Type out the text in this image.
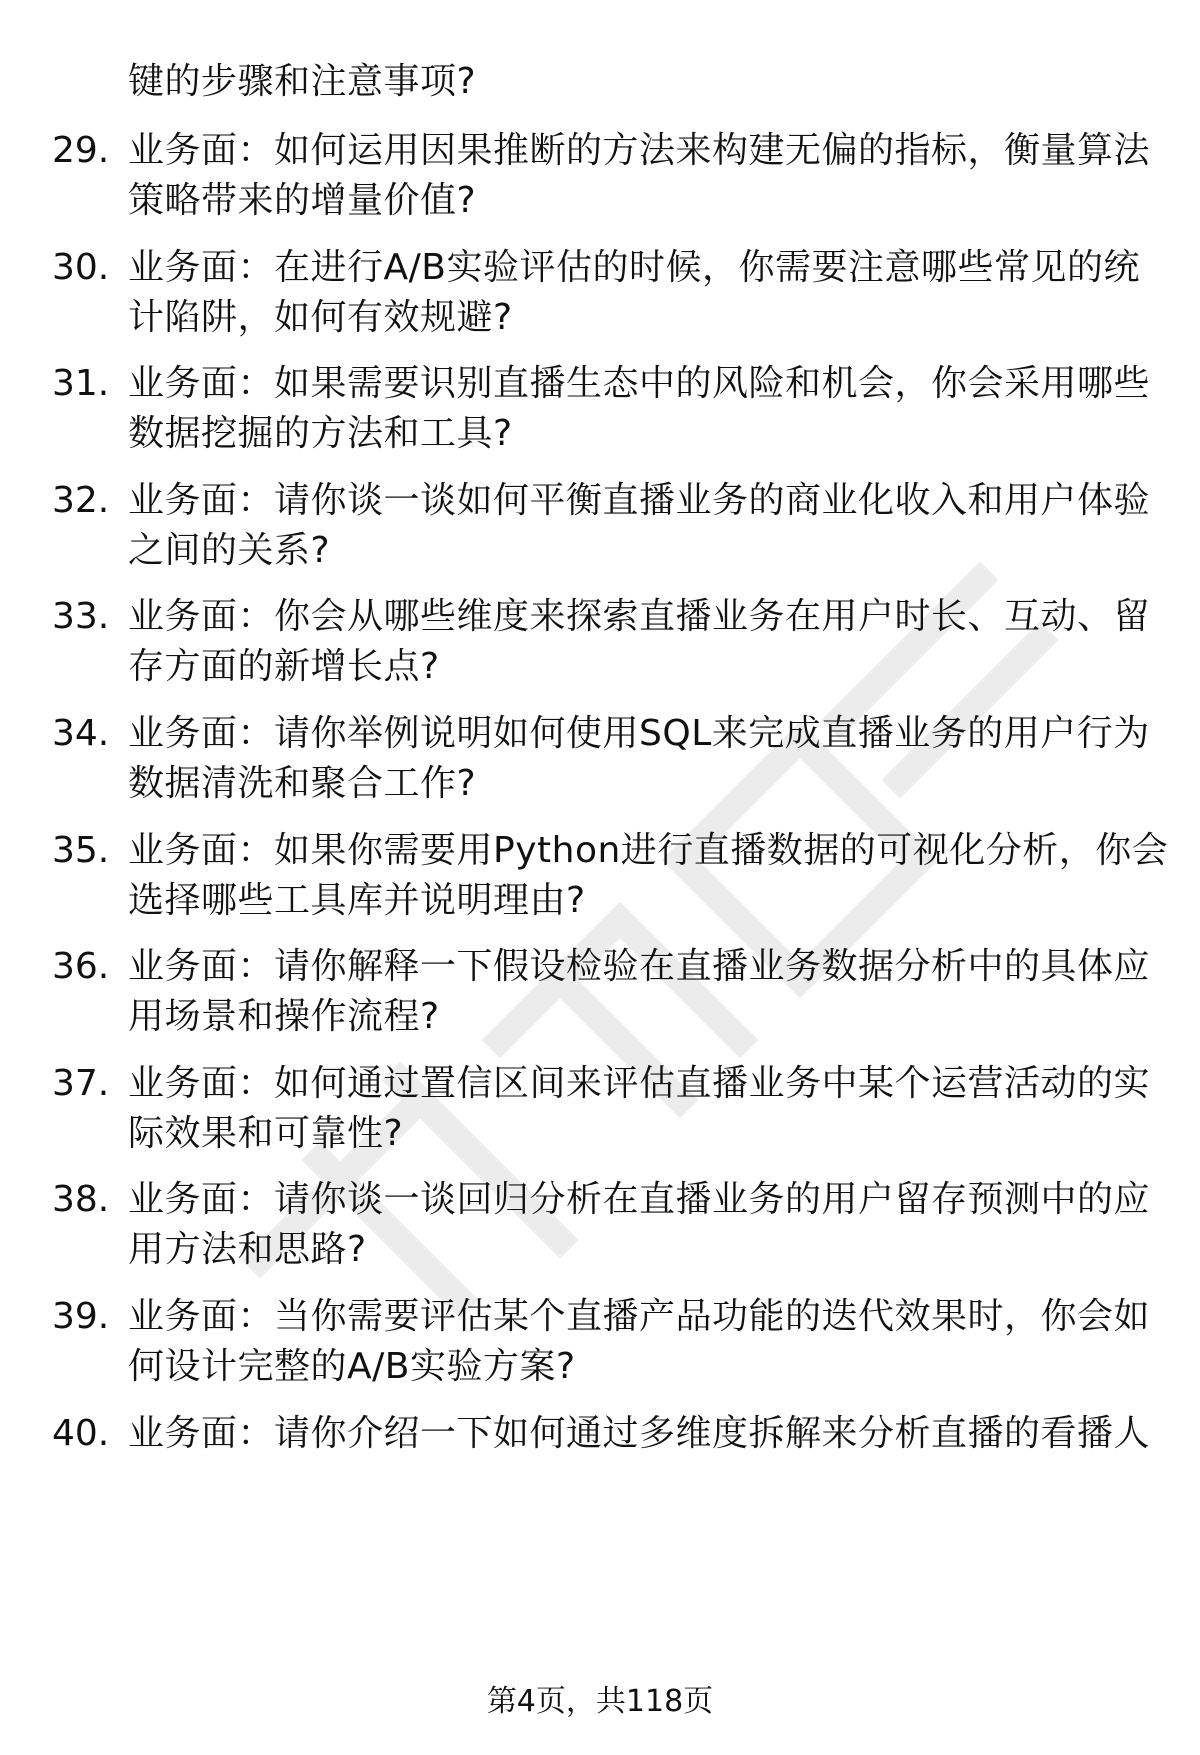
键的步骤和注意事项?
29. 业务面：如何运用因果推断的方法来构建无偏的指标，衡量算法
策略带来的增量价值?
30. 业务面：在进行A/B实验评估的时候，你需要注意哪些常见的统
计陷阱，如何有效规避?
31. 业务面：如果需要识别直播生态中的风险和机会，你会采用哪些
数据挖掘的方法和工具?
32. 业务面：请你谈一谈如何平衡直播业务的商业化收入和用户体验
之间的关系?
33. 业务面：你会从哪些维度来探索直播业务在用户时长、互动、留
存方面的新增长点?
34. 业务面：请你举例说明如何使用SQL来完成直播业务的用户行为
数据清洗和聚合工作?
35. 业务面：如果你需要用Python进行直播数据的可视化分析，你会
选择哪些工具库并说明理由?
36. 业务面：请你解释一下假设检验在直播业务数据分析中的具体应
用场景和操作流程?
37. 业务面：如何通过置信区间来评估直播业务中某个运营活动的实
际效果和可靠性?
38. 业务面：请你谈一谈回归分析在直播业务的用户留存预测中的应
用方法和思路?
39. 业务面：当你需要评估某个直播产品功能的迭代效果时，你会如
何设计完整的A/B实验方案?
40. 业务面：请你介绍一下如何通过多维度拆解来分析直播的看播人
第4页，共118页
